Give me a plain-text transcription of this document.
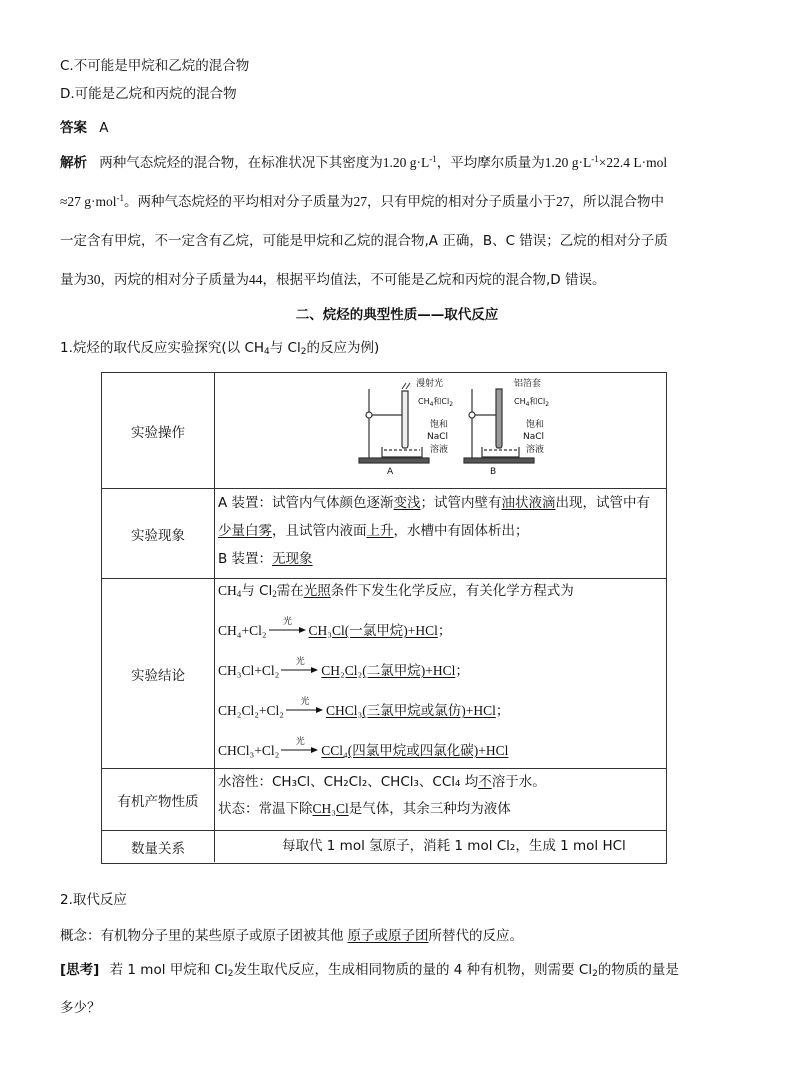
C.不可能是甲烷和乙烷的混合物
D.可能是乙烷和丙烷的混合物
答案 A
解析 两种气态烷烃的混合物，在标准状况下其密度为1.20 $g\cdot L^{-1}$，平均摩尔质量为1.20 $g\cdot L^{-1}\times 22.4$ L·mol
≈27 g·mol$^{-1}$。两种气态烷烃的平均相对分子质量为27，只有甲烷的相对分子质量小于27，所以混合物中
一定含有甲烷，不一定含有乙烷，可能是甲烷和乙烷的混合物,A 正确，B、C 错误；乙烷的相对分子质
量为30，丙烷的相对分子质量为44，根据平均值法，不可能是乙烷和丙烷的混合物,D 错误。
二、烷烃的典型性质——取代反应
1.烷烃的取代反应实验探究(以 $CH_4$与 $Cl_2$的反应为例)
实验操作
漫射光
$CH_4$和$Cl_2$
饱和
NaCl
溶液
A
铝箔套
$CH_4$和$Cl_2$
饱和
NaCl
溶液
B
实验现象
A 装置：试管内气体颜色逐渐变浅；试管内壁有油状液滴出现，试管中有
少量白雾，且试管内液面上升，水槽中有固体析出；
B 装置：无现象
实验结论
$CH_4$与 $Cl_2$需在光照条件下发生化学反应，有关化学方程式为
CH₄+Cl₂
光
CH₃Cl(一氯甲烷)+HCl；
CH₃Cl+Cl₂
光
CH₂Cl₂(二氯甲烷)+HCl；
CH₂Cl₂+Cl₂
光
CHCl₃(三氯甲烷或氯仿)+HCl；
CHCl₃+Cl₂
光
CCl₄(四氯甲烷或四氯化碳)+HCl
有机产物性质
水溶性：CH₃Cl、CH₂Cl₂、CHCl₃、CCl₄ 均不溶于水。
状态：常温下除CH₃Cl是气体，其余三种均为液体
数量关系	每取代 1 mol 氢原子，消耗 1 mol Cl₂，生成 1 mol HCl
2.取代反应
概念：有机物分子里的某些原子或原子团被其他 原子或原子团所替代的反应。
[思考] 若 1 mol 甲烷和 $Cl_2$发生取代反应，生成相同物质的量的 4 种有机物，则需要 $Cl_2$的物质的量是
多少？
